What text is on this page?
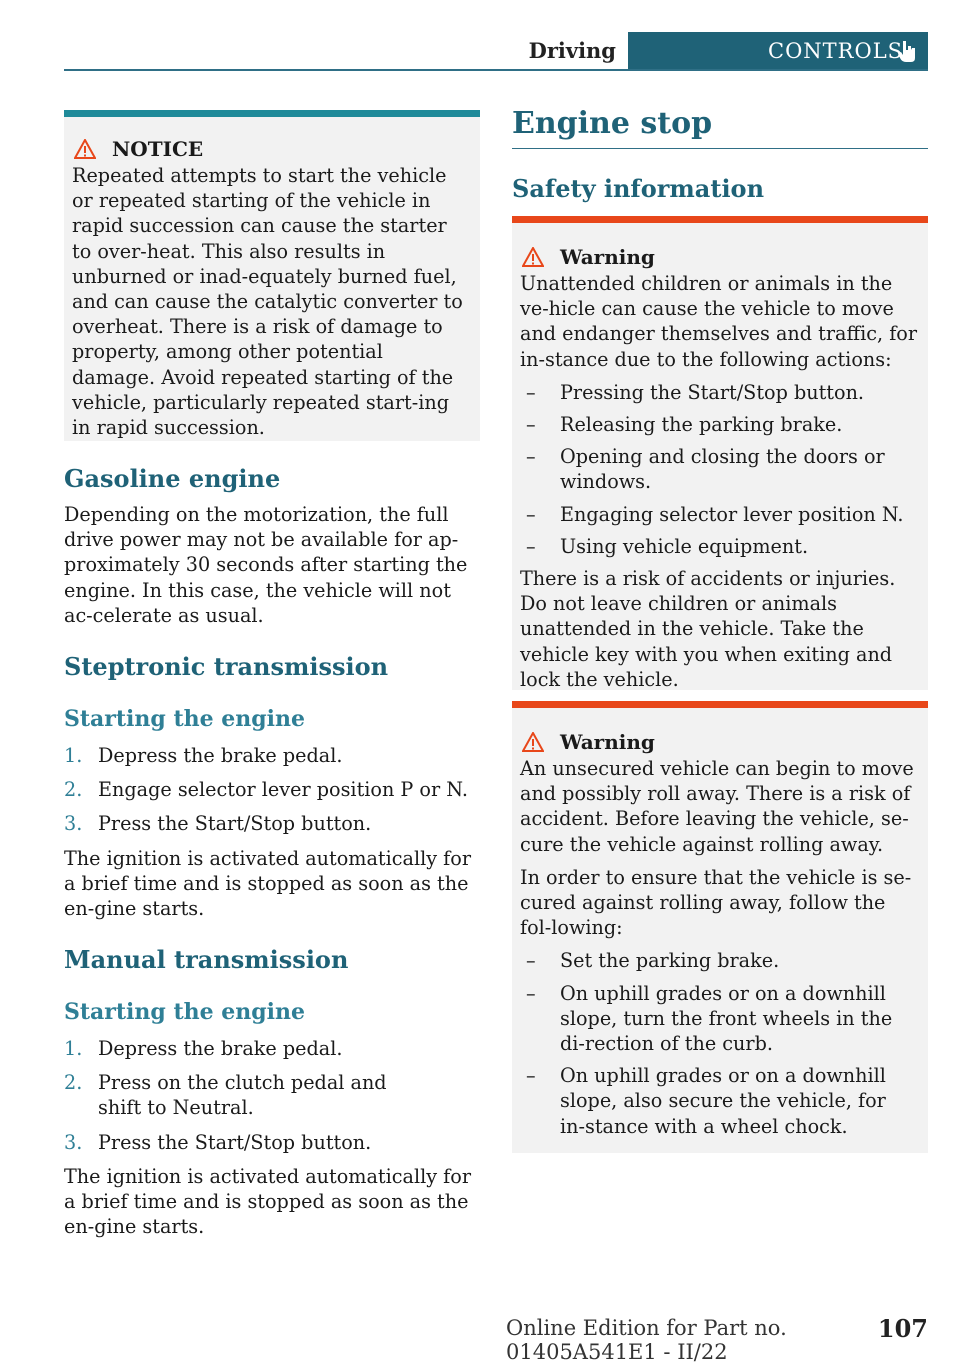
Driving	CONTROLS
NOTICE

Repeated attempts to start the vehicle or repeated starting of the vehicle in rapid succession can cause the starter to over‐heat. This also results in unburned or inad‐equately burned fuel, and can cause the catalytic converter to overheat. There is a risk of damage to property, among other potential damage. Avoid repeated starting of the vehicle, particularly repeated start‐ing in rapid succession.

Gasoline engine

Depending on the motorization, the full drive power may not be available for ap‐proximately 30 seconds after starting the engine. In this case, the vehicle will not ac‐celerate as usual.

Steptronic transmission
Starting the engine
1. Depress the brake pedal.
2. Engage selector lever position P or N.
3. Press the Start/Stop button.

The ignition is activated automatically for a brief time and is stopped as soon as the en‐gine starts.

Manual transmission
Starting the engine
1. Depress the brake pedal.
2. Press on the clutch pedal and shift to Neutral.
3. Press the Start/Stop button.

The ignition is activated automatically for a brief time and is stopped as soon as the en‐gine starts.

Engine stop
Safety information
Warning

Unattended children or animals in the ve‐hicle can cause the vehicle to move and endanger themselves and traffic, for in‐stance due to the following actions:

–	Pressing the Start/Stop button.
–	Releasing the parking brake.
–	Opening and closing the doors or windows.
–	Engaging selector lever position N.
–	Using vehicle equipment.

There is a risk of accidents or injuries. Do not leave children or animals unattended in the vehicle. Take the vehicle key with you when exiting and lock the vehicle.

Warning

An unsecured vehicle can begin to move and possibly roll away. There is a risk of accident. Before leaving the vehicle, se‐cure the vehicle against rolling away.

In order to ensure that the vehicle is se‐cured against rolling away, follow the fol‐lowing:

–	Set the parking brake.
–	On uphill grades or on a downhill slope, turn the front wheels in the di‐rection of the curb.
–	On uphill grades or on a downhill slope, also secure the vehicle, for in‐stance with a wheel chock.
Online Edition for Part no. 01405A541E1 - II/22
107
